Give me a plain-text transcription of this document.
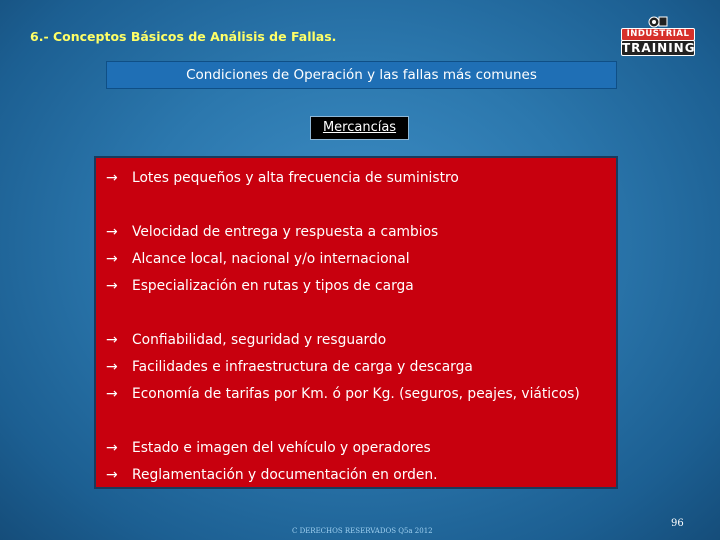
6.- Conceptos Básicos de Análisis de Fallas.	INDUSTRIAL
TRAINING
Condiciones de Operación y las fallas más comunes
Mercancías
→ Lotes pequeños y alta frecuencia de suministro
→ Velocidad de entrega y respuesta a cambios
→ Alcance local, nacional y/o internacional
→ Especialización en rutas y tipos de carga
→ Confiabilidad, seguridad y resguardo
→ Facilidades e infraestructura de carga y descarga
→ Economía de tarifas por Km. ó por Kg. (seguros, peajes, viáticos)
→ Estado e imagen del vehículo y operadores
→ Reglamentación y documentación en orden.
C DERECHOS RESERVADOS Q5a 2012
96
